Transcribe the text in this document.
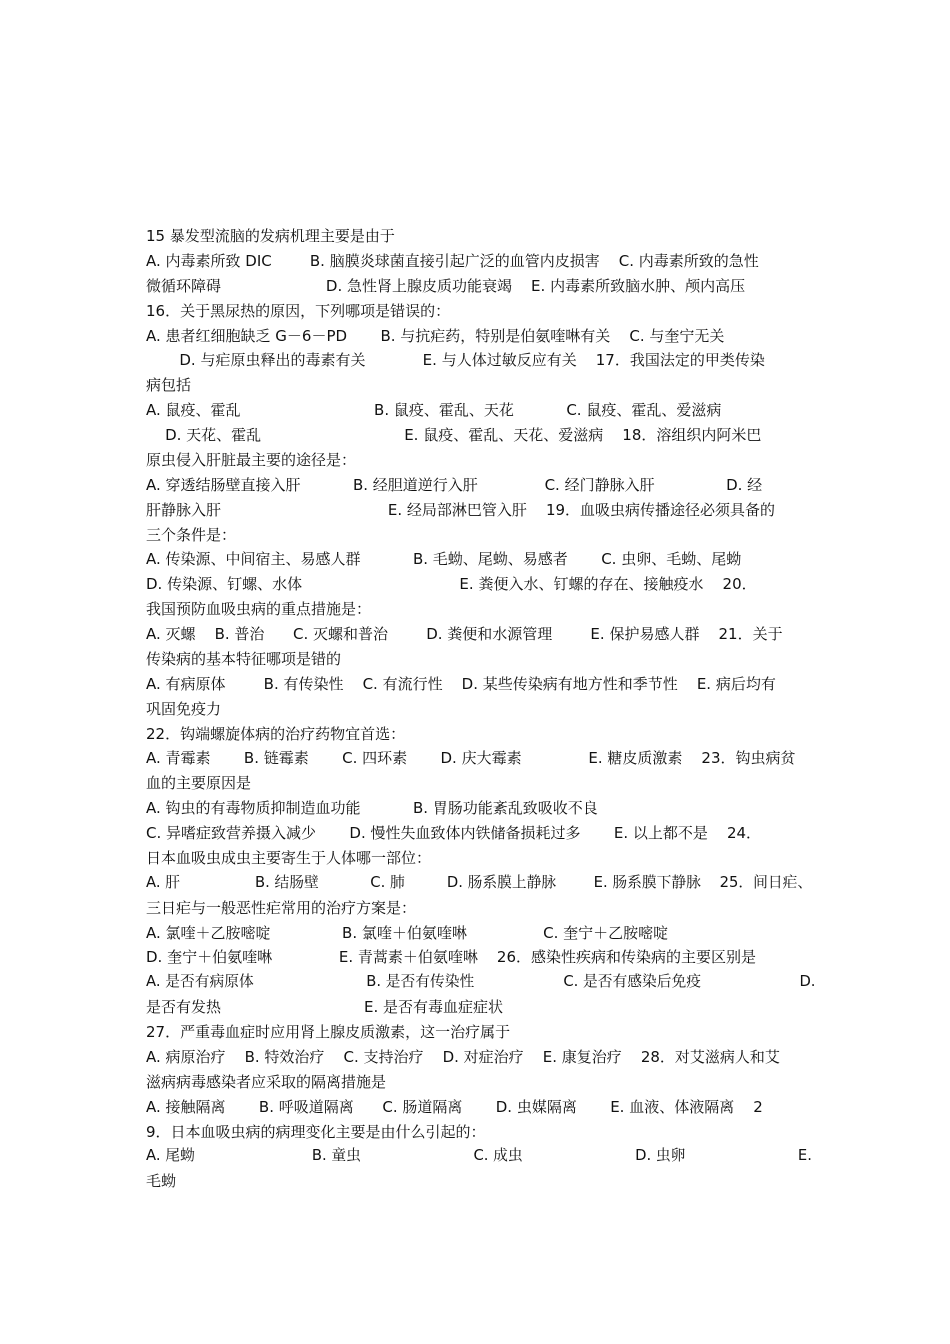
15 暴发型流脑的发病机理主要是由于
A. 内毒素所致 DIC        B. 脑膜炎球菌直接引起广泛的血管内皮损害    C. 内毒素所致的急性
微循环障碍                      D. 急性肾上腺皮质功能衰竭    E. 内毒素所致脑水肿、颅内高压
16．关于黑尿热的原因，下列哪项是错误的：
A. 患者红细胞缺乏 G－6－PD       B. 与抗疟药，特别是伯氨喹啉有关    C. 与奎宁无关
D. 与疟原虫释出的毒素有关            E. 与人体过敏反应有关    17．我国法定的甲类传染
病包括
A. 鼠疫、霍乱                            B. 鼠疫、霍乱、天花           C. 鼠疫、霍乱、爱滋病
D. 天花、霍乱                              E. 鼠疫、霍乱、天花、爱滋病    18．溶组织内阿米巴
原虫侵入肝脏最主要的途径是：
A. 穿透结肠壁直接入肝           B. 经胆道逆行入肝              C. 经门静脉入肝               D. 经
肝静脉入肝                                   E. 经局部淋巴管入肝    19．血吸虫病传播途径必须具备的
三个条件是：
A. 传染源、中间宿主、易感人群           B. 毛蚴、尾蚴、易感者       C. 虫卵、毛蚴、尾蚴
D. 传染源、钉螺、水体                                 E. 粪便入水、钉螺的存在、接触疫水    20．
我国预防血吸虫病的重点措施是：
A. 灭螺    B. 普治      C. 灭螺和普治        D. 粪便和水源管理        E. 保护易感人群    21．关于
传染病的基本特征哪项是错的
A. 有病原体        B. 有传染性    C. 有流行性    D. 某些传染病有地方性和季节性    E. 病后均有
巩固免疫力
22．钩端螺旋体病的治疗药物宜首选：
A. 青霉素       B. 链霉素       C. 四环素       D. 庆大霉素              E. 糖皮质激素    23．钩虫病贫
血的主要原因是
A. 钩虫的有毒物质抑制造血功能           B. 胃肠功能紊乱致吸收不良
C. 异嗜症致营养摄入减少       D. 慢性失血致体内铁储备损耗过多       E. 以上都不是    24．
日本血吸虫成虫主要寄生于人体哪一部位：
A. 肝                B. 结肠壁           C. 肺         D. 肠系膜上静脉        E. 肠系膜下静脉    25．间日疟、
三日疟与一般恶性疟常用的治疗方案是：
A. 氯喹＋乙胺嘧啶               B. 氯喹＋伯氨喹啉                C. 奎宁＋乙胺嘧啶
D. 奎宁＋伯氨喹啉              E. 青蒿素＋伯氨喹啉    26．感染性疾病和传染病的主要区别是
A. 是否有病原体                        B. 是否有传染性                   C. 是否有感染后免疫                     D.
是否有发热                              E. 是否有毒血症症状
27．严重毒血症时应用肾上腺皮质激素，这一治疗属于
A. 病原治疗    B. 特效治疗    C. 支持治疗    D. 对症治疗    E. 康复治疗    28．对艾滋病人和艾
滋病病毒感染者应采取的隔离措施是
A. 接触隔离       B. 呼吸道隔离      C. 肠道隔离       D. 虫媒隔离       E. 血液、体液隔离    2
9．日本血吸虫病的病理变化主要是由什么引起的：
A. 尾蚴                         B. 童虫                        C. 成虫                        D. 虫卵                        E.
毛蚴
